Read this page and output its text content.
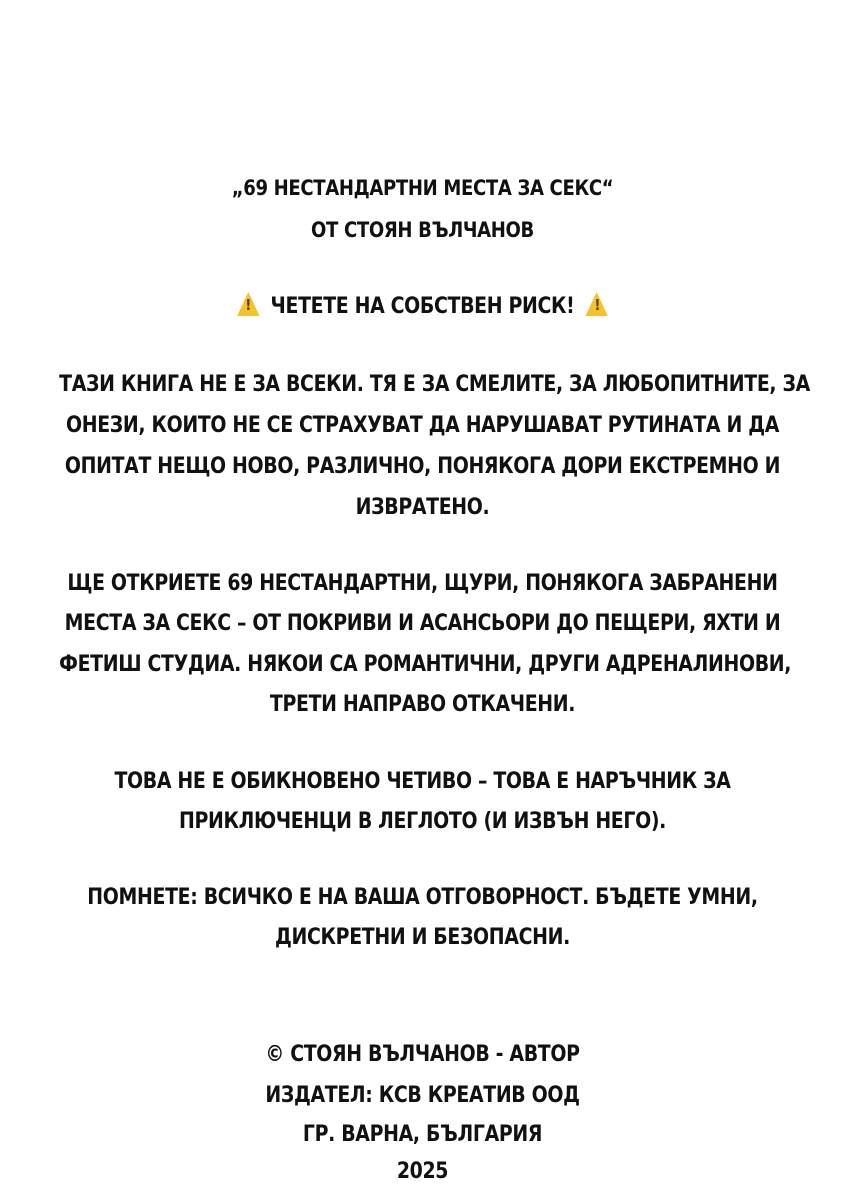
„69 НЕСТАНДАРТНИ МЕСТА ЗА СЕКС“
ОТ СТОЯН ВЪЛЧАНОВ
! ЧЕТЕТЕ НА СОБСТВЕН РИСК! !
ТАЗИ КНИГА НЕ Е ЗА ВСЕКИ. ТЯ Е ЗА СМЕЛИТЕ, ЗА ЛЮБОПИТНИТЕ, ЗА
ОНЕЗИ, КОИТО НЕ СЕ СТРАХУВАТ ДА НАРУШАВАТ РУТИНАТА И ДА
ОПИТАТ НЕЩО НОВО, РАЗЛИЧНО, ПОНЯКОГА ДОРИ ЕКСТРЕМНО И
ИЗВРАТЕНО.
ЩЕ ОТКРИЕТЕ 69 НЕСТАНДАРТНИ, ЩУРИ, ПОНЯКОГА ЗАБРАНЕНИ
МЕСТА ЗА СЕКС – ОТ ПОКРИВИ И АСАНСЬОРИ ДО ПЕЩЕРИ, ЯХТИ И
ФЕТИШ СТУДИА. НЯКОИ СА РОМАНТИЧНИ, ДРУГИ АДРЕНАЛИНОВИ,
ТРЕТИ НАПРАВО ОТКАЧЕНИ.
ТОВА НЕ Е ОБИКНОВЕНО ЧЕТИВО – ТОВА Е НАРЪЧНИК ЗА
ПРИКЛЮЧЕНЦИ В ЛЕГЛОТО (И ИЗВЪН НЕГО).
ПОМНЕТЕ: ВСИЧКО Е НА ВАША ОТГОВОРНОСТ. БЪДЕТЕ УМНИ,
ДИСКРЕТНИ И БЕЗОПАСНИ.
© СТОЯН ВЪЛЧАНОВ - АВТОР
ИЗДАТЕЛ: КСВ КРЕАТИВ ООД
ГР. ВАРНА, БЪЛГАРИЯ
2025
